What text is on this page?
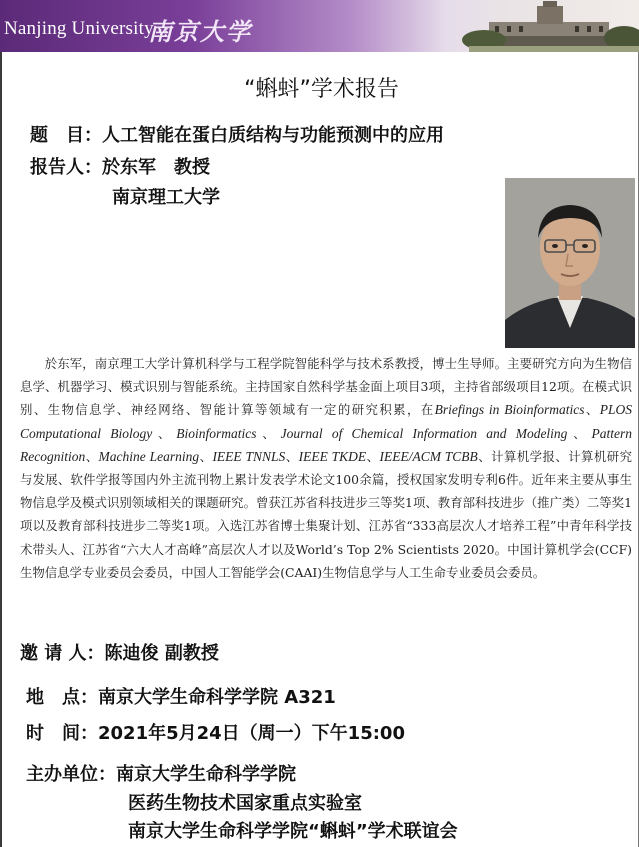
Nanjing University
南京大学
“蝌蚪”学术报告
题　目：人工智能在蛋白质结构与功能预测中的应用
报告人：於东军　教授
南京理工大学

於东军，南京理工大学计算机科学与工程学院智能科学与技术系教授，博士生导师。主要研究方向为生物信息学、机器学习、模式识别与智能系统。主持国家自然科学基金面上项目3项，主持省部级项目12项。在模式识别、生物信息学、神经网络、智能计算等领域有一定的研究积累，在Briefings in Bioinformatics、PLOS Computational Biology、Bioinformatics、Journal of Chemical Information and Modeling、Pattern Recognition、Machine Learning、IEEE TNNLS、IEEE TKDE、IEEE/ACM TCBB、计算机学报、计算机研究与发展、软件学报等国内外主流刊物上累计发表学术论文100余篇，授权国家发明专利6件。近年来主要从事生物信息学及模式识别领域相关的课题研究。曾获江苏省科技进步三等奖1项、教育部科技进步（推广类）二等奖1项以及教育部科技进步二等奖1项。入选江苏省博士集聚计划、江苏省“333高层次人才培养工程”中青年科学技术带头人、江苏省“六大人才高峰”高层次人才以及World’s Top 2% Scientists 2020。中国计算机学会(CCF)生物信息学专业委员会委员，中国人工智能学会(CAAI)生物信息学与人工生命专业委员会委员。

邀 请 人：陈迪俊 副教授
地　点：南京大学生命科学学院 A321
时　间：2021年5月24日（周一）下午15:00
主办单位：南京大学生命科学学院
医药生物技术国家重点实验室
南京大学生命科学学院“蝌蚪”学术联谊会
